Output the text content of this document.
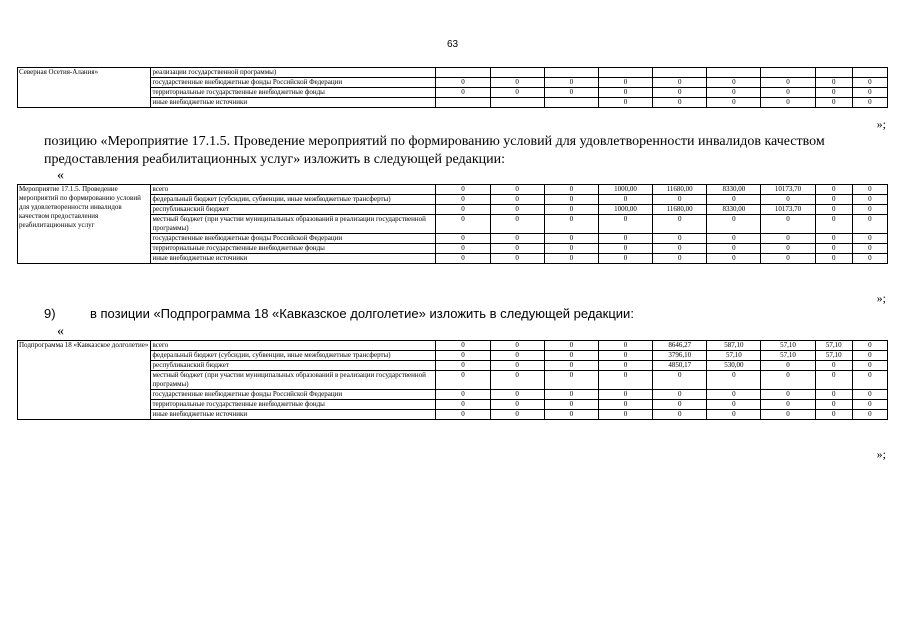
63
Северная Осетия-Алания»	реализации государственной программы)									
	государственные внебюджетные фонды Российской Федерации	0	0	0	0	0	0	0	0	0
	территориальные государственные внебюджетные фонды	0	0	0	0	0	0	0	0	0
	иные внебюджетные источники				0	0	0	0	0	0
»;
позицию «Мероприятие 17.1.5. Проведение мероприятий по формированию условий для удовлетворенности инвалидов качеством предоставления реабилитационных услуг» изложить в следующей редакции:
«
Мероприятие 17.1.5. Проведение мероприятий по формированию условий для удовлетворенности инвалидов качеством предоставления реабилитационных услуг	всего	0	0	0	1000,00	11680,00	8330,00	10173,70	0	0
	федеральный бюджет (субсидии, субвенции, иные межбюджетные трансферты)	0	0	0	0	0	0	0	0	0
	республиканский бюджет	0	0	0	1000,00	11680,00	8330,00	10173,70	0	0
	местный бюджет (при участии муниципальных образований в реализации государственной программы)	0	0	0	0	0	0	0	0	0
	государственные внебюджетные фонды Российской Федерации	0	0	0	0	0	0	0	0	0
	территориальные государственные внебюджетные фонды	0	0	0	0	0	0	0	0	0
	иные внебюджетные источники	0	0	0	0	0	0	0	0	0
»;
9)	в позиции «Подпрограмма 18 «Кавказское долголетие» изложить в следующей редакции:
«
Подпрограмма 18 «Кавказское долголетие»	всего	0	0	0	0	8646,27	587,10	57,10	57,10	0
	федеральный бюджет (субсидии, субвенции, иные межбюджетные трансферты)	0	0	0	0	3796,10	57,10	57,10	57,10	0
	республиканский бюджет	0	0	0	0	4850,17	530,00	0	0	0
	местный бюджет (при участии муниципальных образований в реализации государственной программы)	0	0	0	0	0	0	0	0	0
	государственные внебюджетные фонды Российской Федерации	0	0	0	0	0	0	0	0	0
	территориальные государственные внебюджетные фонды	0	0	0	0	0	0	0	0	0
	иные внебюджетные источники	0	0	0	0	0	0	0	0	0
»;
